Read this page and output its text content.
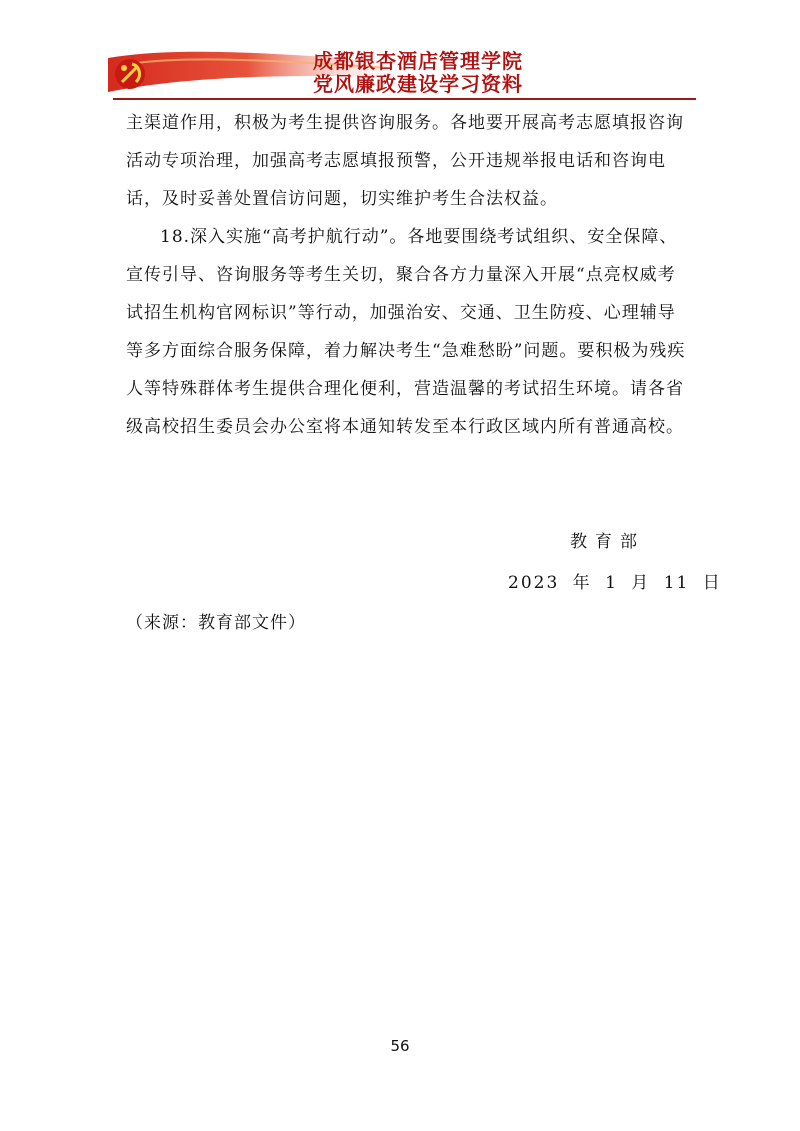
成都银杏酒店管理学院
党风廉政建设学习资料

主渠道作用，积极为考生提供咨询服务。各地要开展高考志愿填报咨询活动专项治理，加强高考志愿填报预警，公开违规举报电话和咨询电话，及时妥善处置信访问题，切实维护考生合法权益。

18.深入实施“高考护航行动”。各地要围绕考试组织、安全保障、宣传引导、咨询服务等考生关切，聚合各方力量深入开展“点亮权威考试招生机构官网标识”等行动，加强治安、交通、卫生防疫、心理辅导等多方面综合服务保障，着力解决考生“急难愁盼”问题。要积极为残疾人等特殊群体考生提供合理化便利，营造温馨的考试招生环境。请各省级高校招生委员会办公室将本通知转发至本行政区域内所有普通高校。

教育部
2023 年 1 月 11 日
（来源：教育部文件）
56
